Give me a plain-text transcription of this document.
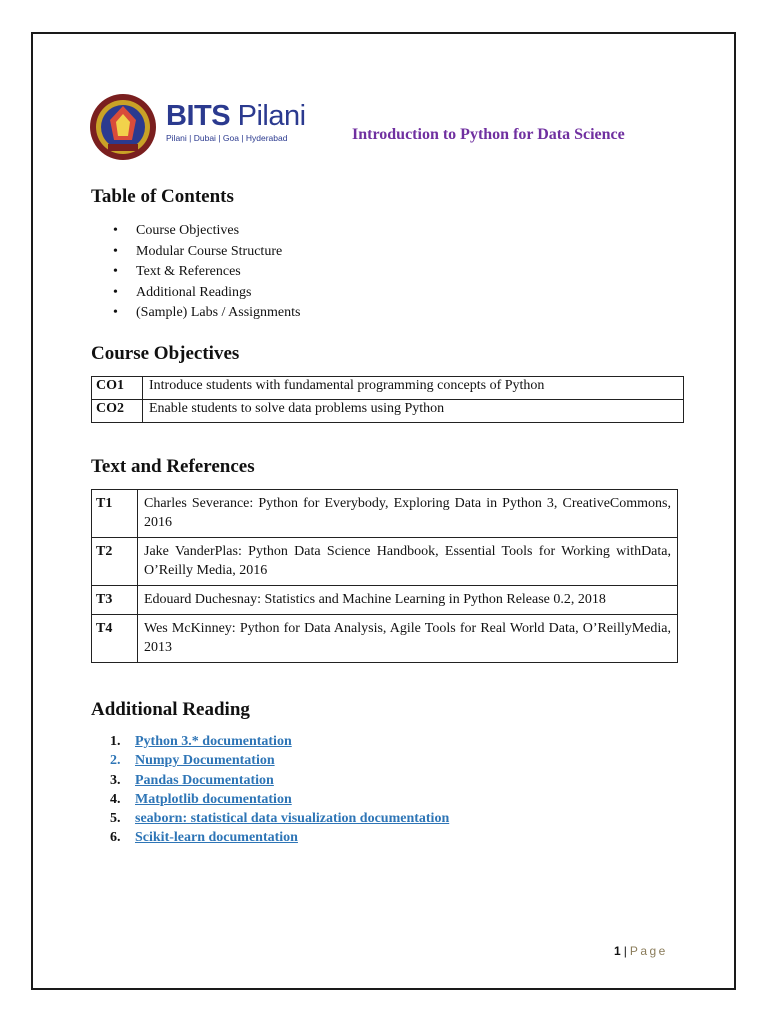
BITS Pilani
Pilani | Dubai | Goa | Hyderabad	Introduction to Python for Data Science
Table of Contents
• Course Objectives
• Modular Course Structure
• Text & References
• Additional Readings
• (Sample) Labs / Assignments
Course Objectives
CO1	Introduce students with fundamental programming concepts of Python
CO2	Enable students to solve data problems using Python
Text and References
T1	Charles Severance: Python for Everybody, Exploring Data in Python 3, CreativeCommons, 2016
T2	Jake VanderPlas: Python Data Science Handbook, Essential Tools for Working withData, O’Reilly Media, 2016
T3	Edouard Duchesnay: Statistics and Machine Learning in Python Release 0.2, 2018
T4	Wes McKinney: Python for Data Analysis, Agile Tools for Real World Data, O’ReillyMedia, 2013
Additional Reading
1. Python 3.* documentation
2. Numpy Documentation
3. Pandas Documentation
4. Matplotlib documentation
5. seaborn: statistical data visualization documentation
6. Scikit-learn documentation
1 | Page
